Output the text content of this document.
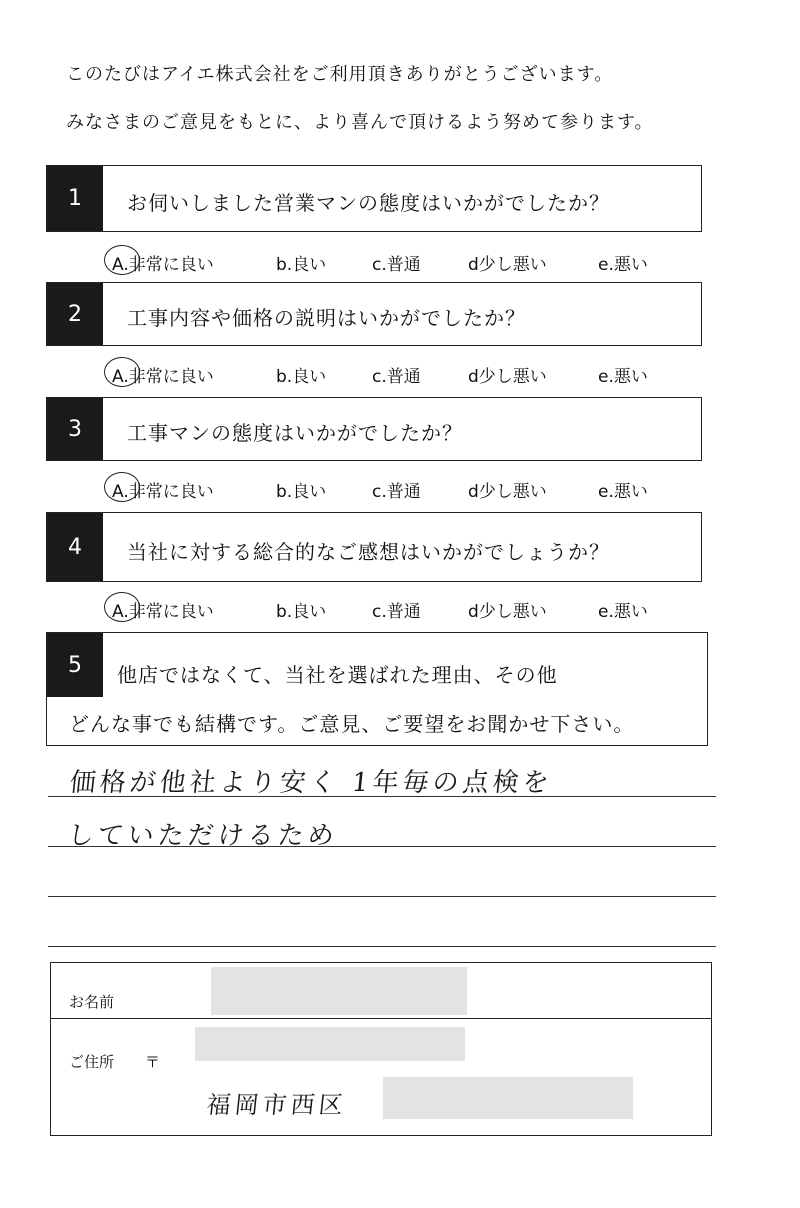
このたびはアイエ株式会社をご利用頂きありがとうございます。
みなさまのご意見をもとに、より喜んで頂けるよう努めて参ります。
1	お伺いしました営業マンの態度はいかがでしたか？
A.非常に良い	b.良い	c.普通	d少し悪い	e.悪い
2	工事内容や価格の説明はいかがでしたか？
A.非常に良い	b.良い	c.普通	d少し悪い	e.悪い
3	工事マンの態度はいかがでしたか？
A.非常に良い	b.良い	c.普通	d少し悪い	e.悪い
4	当社に対する総合的なご感想はいかがでしょうか？
A.非常に良い	b.良い	c.普通	d少し悪い	e.悪い
5	他店ではなくて、当社を選ばれた理由、その他
どんな事でも結構です。ご意見、ご要望をお聞かせ下さい。
価格が他社より安く 1年毎の点検を
していただけるため
お名前
ご住所 〒
福岡市西区
